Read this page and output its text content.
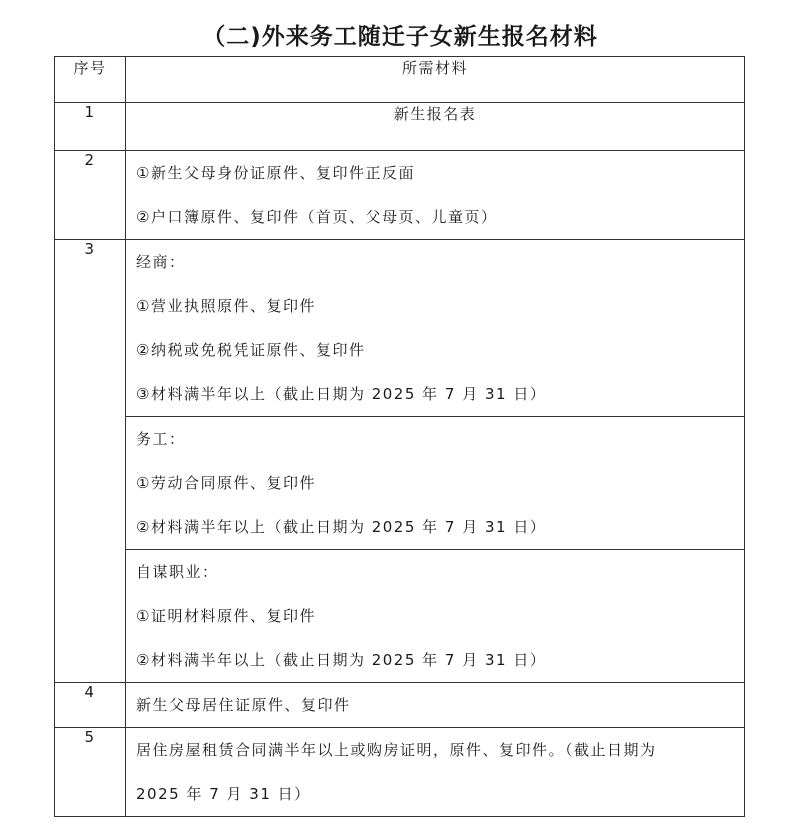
（二)外来务工随迁子女新生报名材料
序号	所需材料
1	新生报名表
2	①新生父母身份证原件、复印件正反面
②户口簿原件、复印件（首页、父母页、儿童页）

3	经商：
①营业执照原件、复印件
②纳税或免税凭证原件、复印件
③材料满半年以上（截止日期为 2025 年 7 月 31 日）

	务工：
①劳动合同原件、复印件
②材料满半年以上（截止日期为 2025 年 7 月 31 日）

	自谋职业：
①证明材料原件、复印件
②材料满半年以上（截止日期为 2025 年 7 月 31 日）

4	新生父母居住证原件、复印件

5	居住房屋租赁合同满半年以上或购房证明，原件、复印件。（截止日期为
2025 年 7 月 31 日）
